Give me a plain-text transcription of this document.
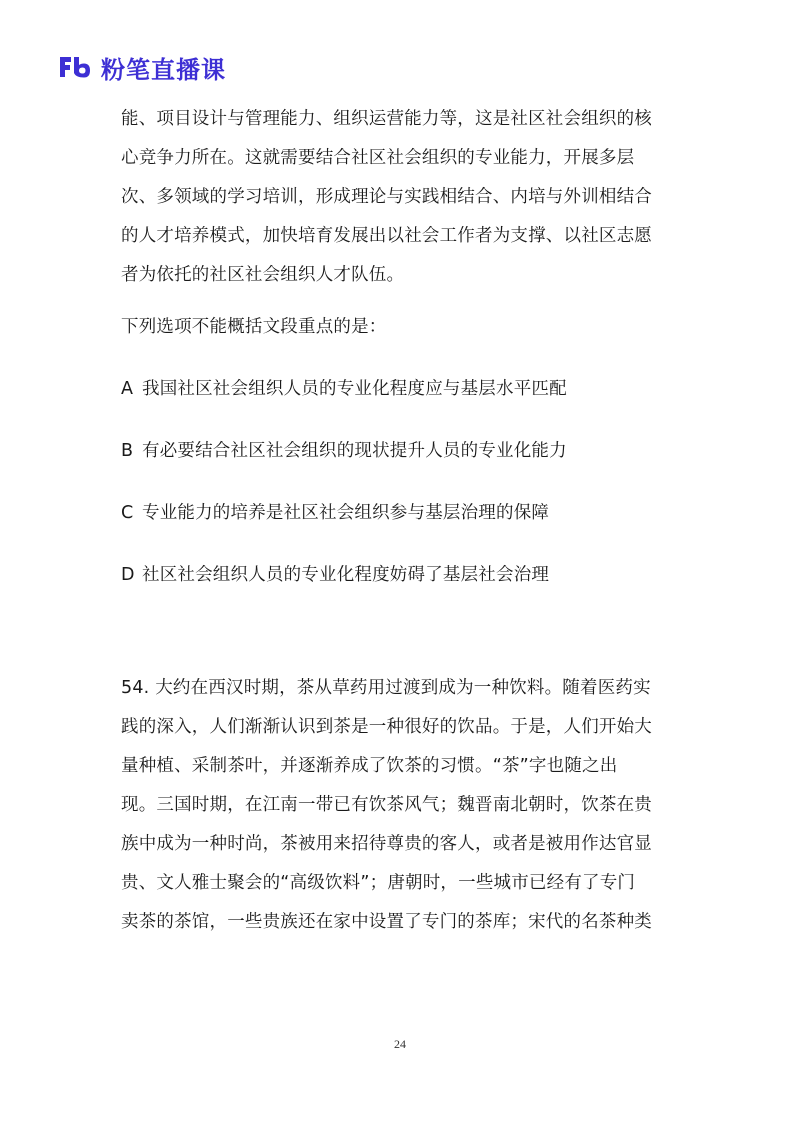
粉笔直播课
能、项目设计与管理能力、组织运营能力等，这是社区社会组织的核
心竞争力所在。这就需要结合社区社会组织的专业能力，开展多层
次、多领域的学习培训，形成理论与实践相结合、内培与外训相结合
的人才培养模式，加快培育发展出以社会工作者为支撑、以社区志愿
者为依托的社区社会组织人才队伍。
下列选项不能概括文段重点的是：
A 我国社区社会组织人员的专业化程度应与基层水平匹配
B 有必要结合社区社会组织的现状提升人员的专业化能力
C 专业能力的培养是社区社会组织参与基层治理的保障
D 社区社会组织人员的专业化程度妨碍了基层社会治理
54. 大约在西汉时期，茶从草药用过渡到成为一种饮料。随着医药实
践的深入，人们渐渐认识到茶是一种很好的饮品。于是，人们开始大
量种植、采制茶叶，并逐渐养成了饮茶的习惯。“茶”字也随之出
现。三国时期，在江南一带已有饮茶风气；魏晋南北朝时，饮茶在贵
族中成为一种时尚，茶被用来招待尊贵的客人，或者是被用作达官显
贵、文人雅士聚会的“高级饮料”；唐朝时，一些城市已经有了专门
卖茶的茶馆，一些贵族还在家中设置了专门的茶库；宋代的名茶种类
24
